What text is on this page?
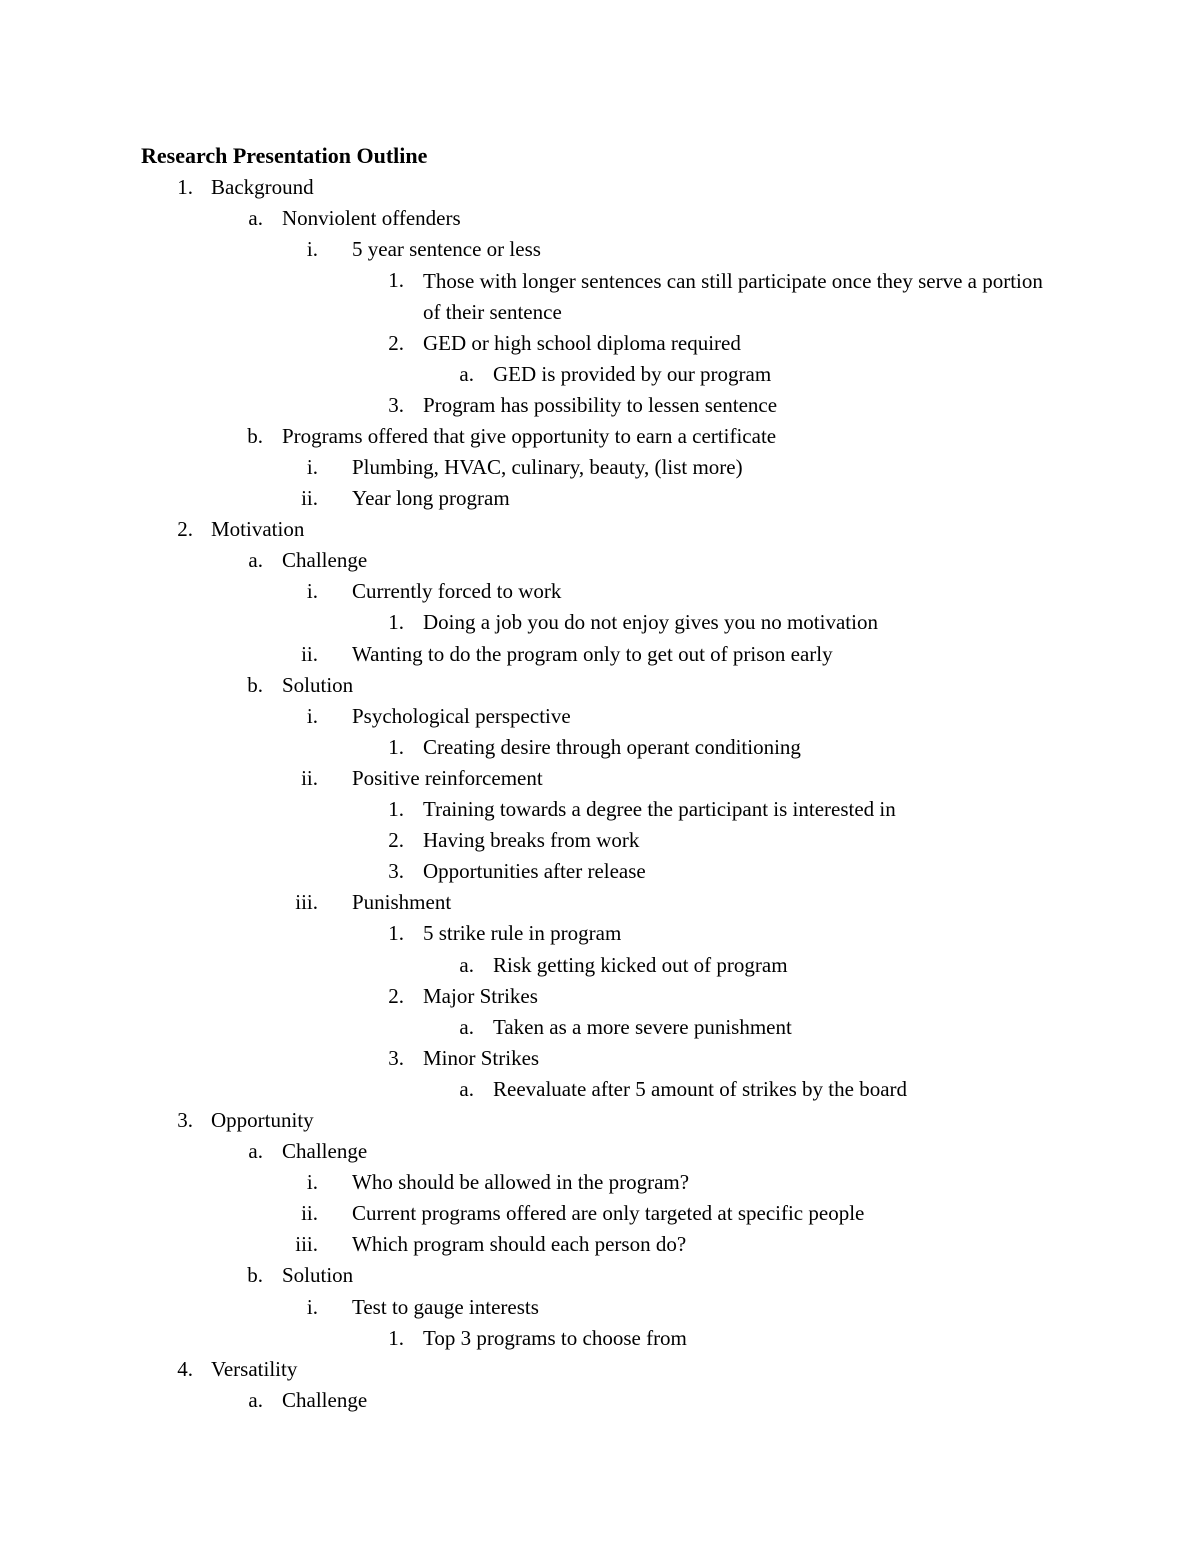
Research Presentation Outline
1. Background
a. Nonviolent offenders
i. 5 year sentence or less
1. Those with longer sentences can still participate once they serve a portion of their sentence
2. GED or high school diploma required
a. GED is provided by our program
3. Program has possibility to lessen sentence
b. Programs offered that give opportunity to earn a certificate
i. Plumbing, HVAC, culinary, beauty, (list more)
ii. Year long program
2. Motivation
a. Challenge
i. Currently forced to work
1. Doing a job you do not enjoy gives you no motivation
ii. Wanting to do the program only to get out of prison early
b. Solution
i. Psychological perspective
1. Creating desire through operant conditioning
ii. Positive reinforcement
1. Training towards a degree the participant is interested in
2. Having breaks from work
3. Opportunities after release
iii. Punishment
1. 5 strike rule in program
a. Risk getting kicked out of program
2. Major Strikes
a. Taken as a more severe punishment
3. Minor Strikes
a. Reevaluate after 5 amount of strikes by the board
3. Opportunity
a. Challenge
i. Who should be allowed in the program?
ii. Current programs offered are only targeted at specific people
iii. Which program should each person do?
b. Solution
i. Test to gauge interests
1. Top 3 programs to choose from
4. Versatility
a. Challenge
